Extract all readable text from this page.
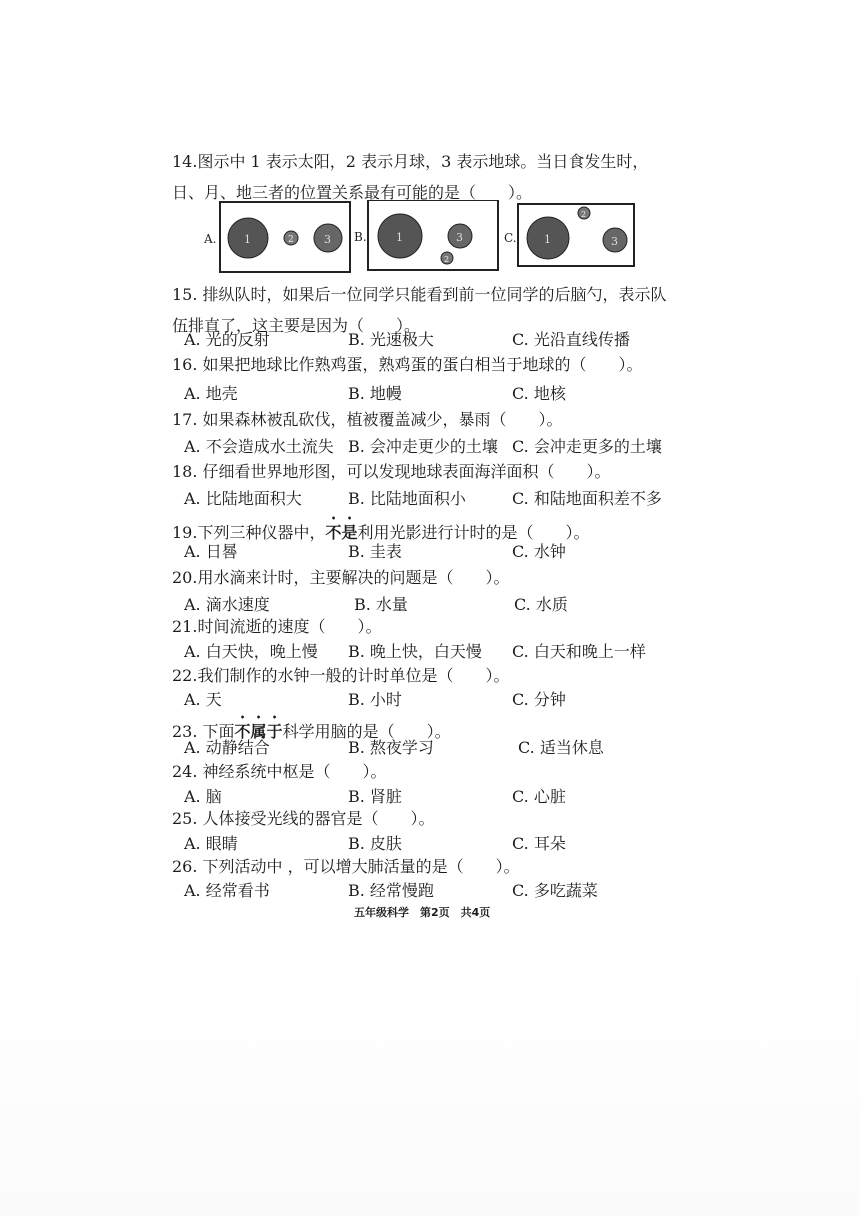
14.图示中 1 表示太阳，2 表示月球，3 表示地球。当日食发生时，日、月、地三者的位置关系最有可能的是（　　）。
A.	1	2	3 B.	1	3
2
C. 1
2
3
15. 排纵队时，如果后一位同学只能看到前一位同学的后脑勺，表示队伍排直了，这主要是因为（　　）。
A. 光的反射	B. 光速极大	C. 光沿直线传播
16. 如果把地球比作熟鸡蛋，熟鸡蛋的蛋白相当于地球的（　　）。
A. 地壳	B. 地幔	C. 地核
17. 如果森林被乱砍伐，植被覆盖减少，暴雨（　　）。
A. 不会造成水土流失 B. 会冲走更少的土壤 C. 会冲走更多的土壤
18. 仔细看世界地形图，可以发现地球表面海洋面积（　　）。
A. 比陆地面积大	B. 比陆地面积小	C. 和陆地面积差不多
19.下列三种仪器中，不是利用光影进行计时的是（　　）。
A. 日晷	B. 圭表	C. 水钟
20.用水滴来计时，主要解决的问题是（　　）。
A. 滴水速度	B. 水量	C. 水质
21.时间流逝的速度（　　）。
A. 白天快，晚上慢 B. 晚上快，白天慢 C. 白天和晚上一样
22.我们制作的水钟一般的计时单位是（　　）。
A. 天	B. 小时	C. 分钟
23. 下面不属于科学用脑的是（　　）。
A. 动静结合	B. 熬夜学习	C. 适当休息
24. 神经系统中枢是（　　）。
A. 脑	B. 肾脏	C. 心脏
25. 人体接受光线的器官是（　　）。
A. 眼睛	B. 皮肤	C. 耳朵
26. 下列活动中 ，可以增大肺活量的是（　　）。
A. 经常看书	B. 经常慢跑	C. 多吃蔬菜
五年级科学　第2页　共4页
